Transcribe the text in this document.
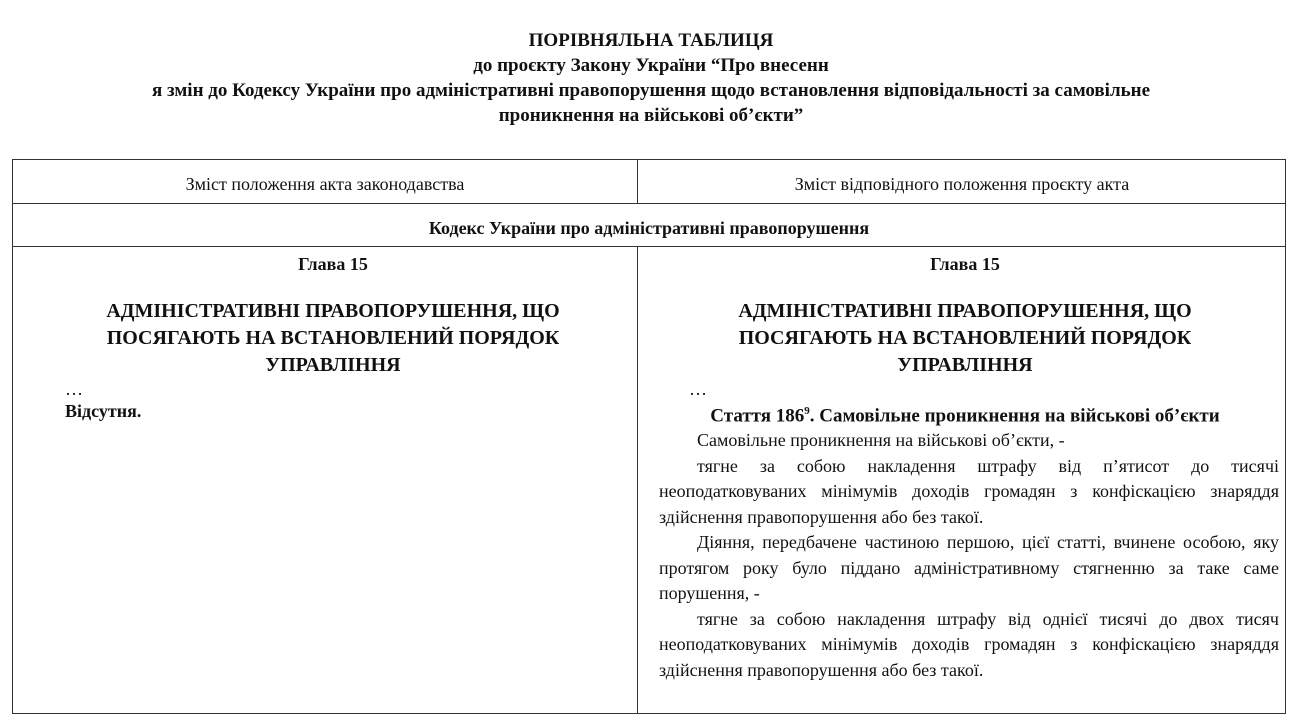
ПОРІВНЯЛЬНА ТАБЛИЦЯ
до проєкту Закону України “Про внесенн
я змін до Кодексу України про адміністративні правопорушення щодо встановлення відповідальності за самовільне
проникнення на військові об’єкти”
Зміст положення акта законодавства	Зміст відповідного положення проєкту акта
Кодекс України про адміністративні правопорушення

Глава 15

АДМІНІСТРАТИВНІ ПРАВОПОРУШЕННЯ, ЩО ПОСЯГАЮТЬ НА ВСТАНОВЛЕНИЙ ПОРЯДОК УПРАВЛІННЯ

…

Відсутня.

Глава 15

АДМІНІСТРАТИВНІ ПРАВОПОРУШЕННЯ, ЩО ПОСЯГАЮТЬ НА ВСТАНОВЛЕНИЙ ПОРЯДОК УПРАВЛІННЯ

…

Стаття $186^9$. Самовільне проникнення на військові об’єкти

Самовільне проникнення на військові об’єкти, -

тягне за собою накладення штрафу від п’ятисот до тисячі неоподатковуваних мінімумів доходів громадян з конфіскацією знаряддя здійснення правопорушення або без такої.

Діяння, передбачене частиною першою, цієї статті, вчинене особою, яку протягом року було піддано адміністративному стягненню за таке саме порушення, -

тягне за собою накладення штрафу від однієї тисячі до двох тисяч неоподатковуваних мінімумів доходів громадян з конфіскацією знаряддя здійснення правопорушення або без такої.
